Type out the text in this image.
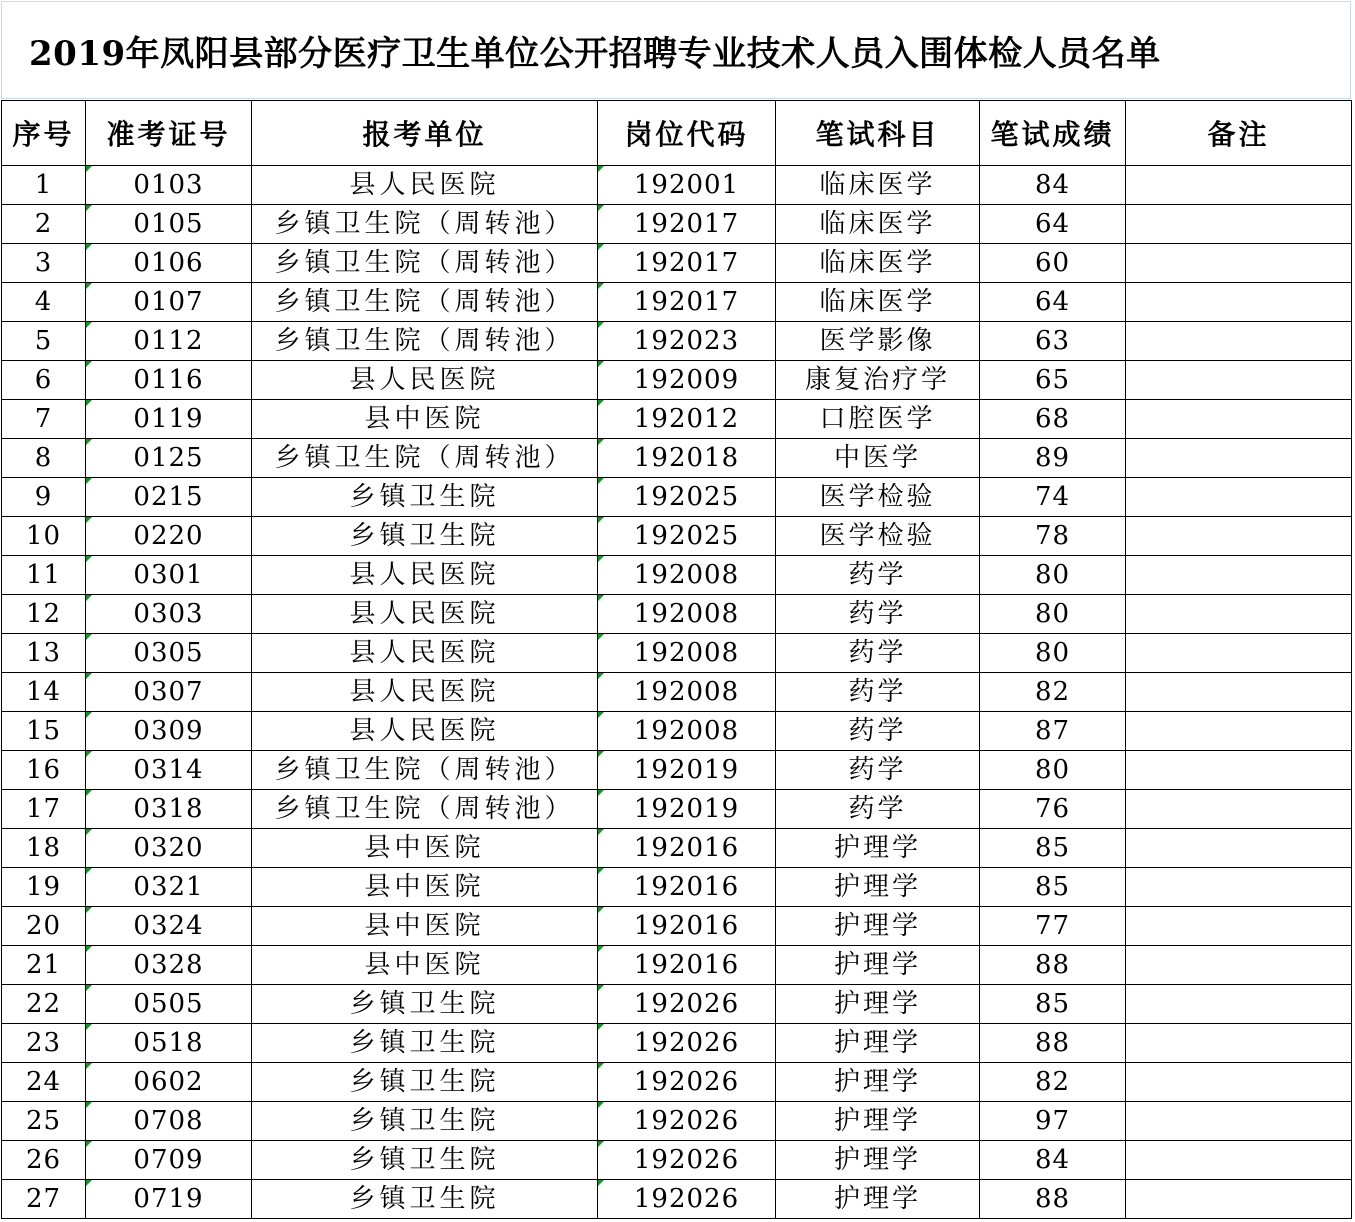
2019年凤阳县部分医疗卫生单位公开招聘专业技术人员入围体检人员名单
序号	准考证号	报考单位	岗位代码	笔试科目	笔试成绩	备注
1	0103	县人民医院	192001	临床医学	84	
2	0105	乡镇卫生院（周转池）	192017	临床医学	64	
3	0106	乡镇卫生院（周转池）	192017	临床医学	60	
4	0107	乡镇卫生院（周转池）	192017	临床医学	64	
5	0112	乡镇卫生院（周转池）	192023	医学影像	63	
6	0116	县人民医院	192009	康复治疗学	65	
7	0119	县中医院	192012	口腔医学	68	
8	0125	乡镇卫生院（周转池）	192018	中医学	89	
9	0215	乡镇卫生院	192025	医学检验	74	
10	0220	乡镇卫生院	192025	医学检验	78	
11	0301	县人民医院	192008	药学	80	
12	0303	县人民医院	192008	药学	80	
13	0305	县人民医院	192008	药学	80	
14	0307	县人民医院	192008	药学	82	
15	0309	县人民医院	192008	药学	87	
16	0314	乡镇卫生院（周转池）	192019	药学	80	
17	0318	乡镇卫生院（周转池）	192019	药学	76	
18	0320	县中医院	192016	护理学	85	
19	0321	县中医院	192016	护理学	85	
20	0324	县中医院	192016	护理学	77	
21	0328	县中医院	192016	护理学	88	
22	0505	乡镇卫生院	192026	护理学	85	
23	0518	乡镇卫生院	192026	护理学	88	
24	0602	乡镇卫生院	192026	护理学	82	
25	0708	乡镇卫生院	192026	护理学	97	
26	0709	乡镇卫生院	192026	护理学	84	
27	0719	乡镇卫生院	192026	护理学	88	
